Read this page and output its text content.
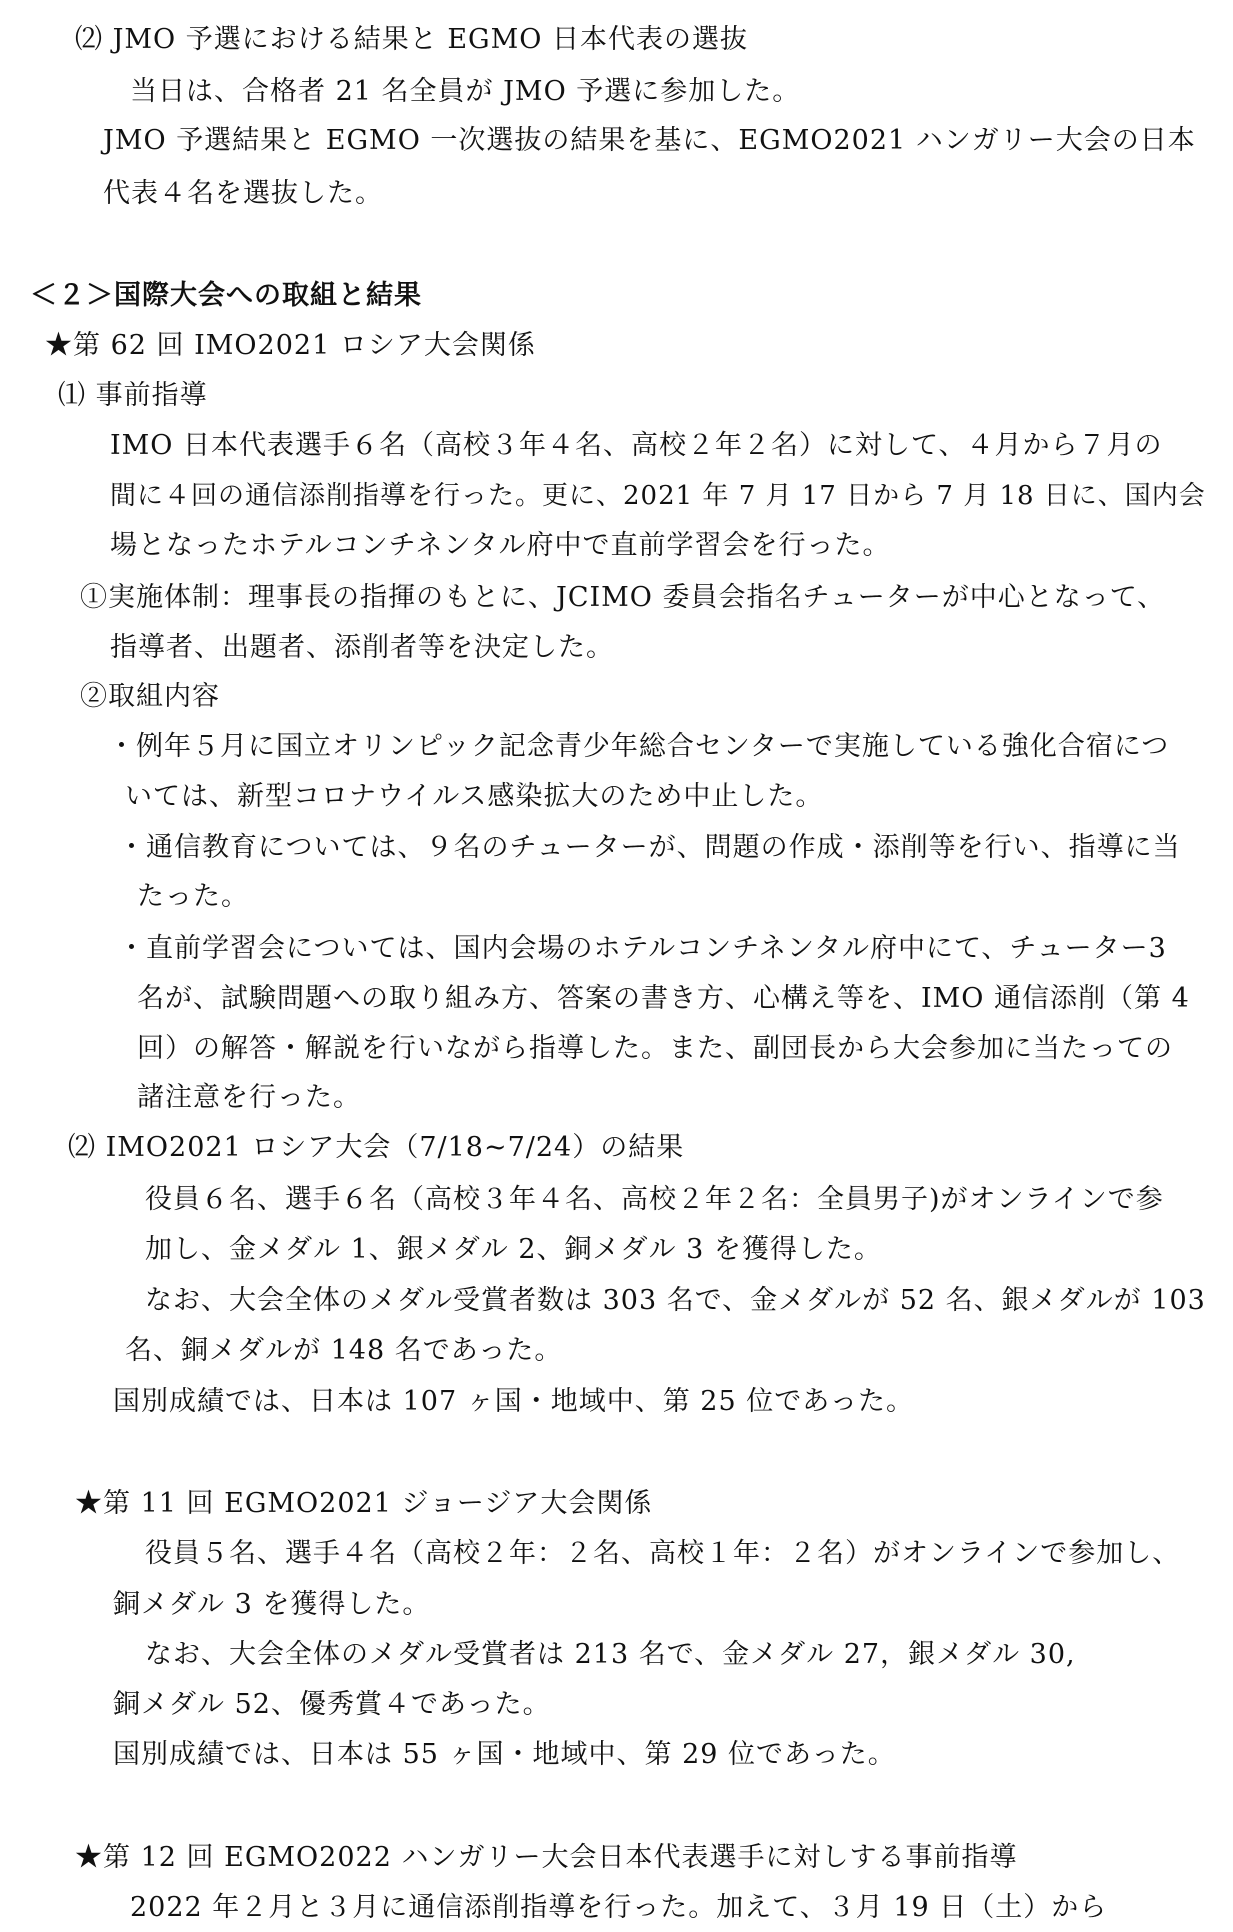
⑵ JMO 予選における結果と EGMO 日本代表の選抜
当日は、合格者 21 名全員が JMO 予選に参加した。
JMO 予選結果と EGMO 一次選抜の結果を基に、EGMO2021 ハンガリー大会の日本
代表４名を選抜した。
＜２＞国際大会への取組と結果
★第 62 回 IMO2021 ロシア大会関係
⑴ 事前指導
IMO 日本代表選手６名（高校３年４名、高校２年２名）に対して、４月から７月の
間に４回の通信添削指導を行った。更に、2021 年 7 月 17 日から 7 月 18 日に、国内会
場となったホテルコンチネンタル府中で直前学習会を行った。
①実施体制：理事長の指揮のもとに、JCIMO 委員会指名チューターが中心となって、
指導者、出題者、添削者等を決定した。
②取組内容
・例年５月に国立オリンピック記念青少年総合センターで実施している強化合宿につ
いては、新型コロナウイルス感染拡大のため中止した。
・通信教育については、９名のチューターが、問題の作成・添削等を行い、指導に当
たった。
・直前学習会については、国内会場のホテルコンチネンタル府中にて、チューター3
名が、試験問題への取り組み方、答案の書き方、心構え等を、IMO 通信添削（第 4
回）の解答・解説を行いながら指導した。また、副団長から大会参加に当たっての
諸注意を行った。
⑵ IMO2021 ロシア大会（7/18~7/24）の結果
役員６名、選手６名（高校３年４名、高校２年２名：全員男子)がオンラインで参
加し、金メダル 1、銀メダル 2、銅メダル 3 を獲得した。
なお、大会全体のメダル受賞者数は 303 名で、金メダルが 52 名、銀メダルが 103
名、銅メダルが 148 名であった。
国別成績では、日本は 107 ヶ国・地域中、第 25 位であった。
★第 11 回 EGMO2021 ジョージア大会関係
役員５名、選手４名（高校２年：２名、高校１年：２名）がオンラインで参加し、
銅メダル 3 を獲得した。
なお、大会全体のメダル受賞者は 213 名で、金メダル 27，銀メダル 30,
銅メダル 52、優秀賞４であった。
国別成績では、日本は 55 ヶ国・地域中、第 29 位であった。
★第 12 回 EGMO2022 ハンガリー大会日本代表選手に対しする事前指導
2022 年２月と３月に通信添削指導を行った。加えて、３月 19 日（土）から
